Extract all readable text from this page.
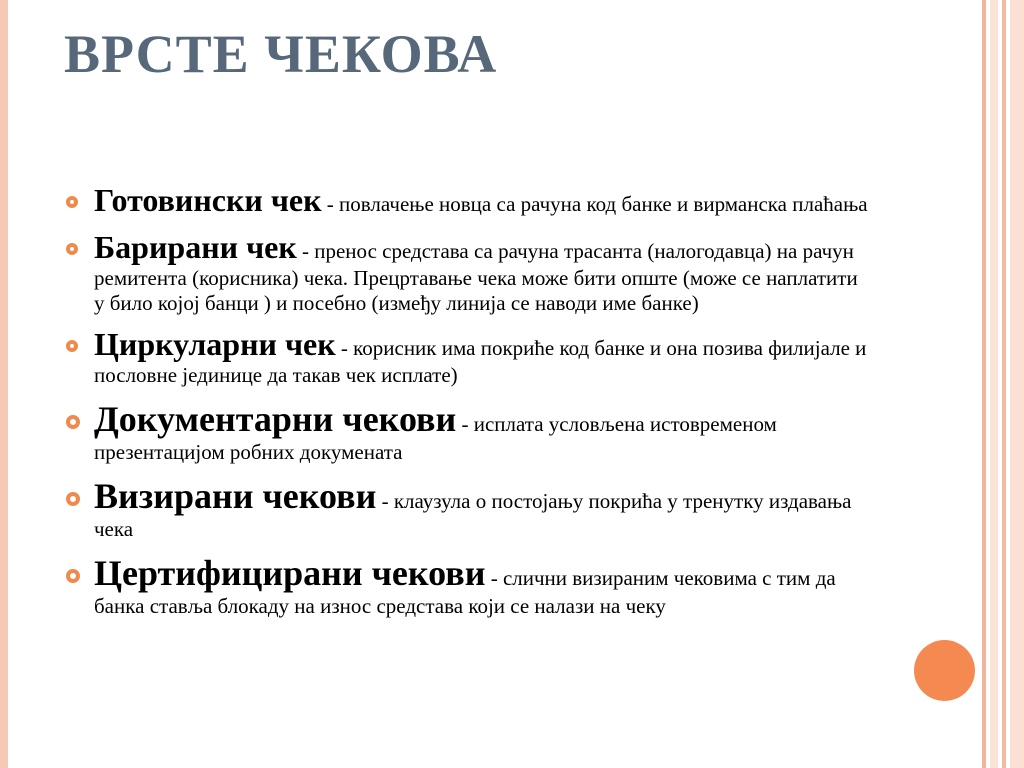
ВРСТЕ ЧЕКОВА
Готовински чек - повлачење новца са рачуна код банке и вирманска плаћања
Барирани чек - пренос средстава са рачуна трасанта (налогодавца) на рачун ремитента (корисника) чека. Прецртавање чека може бити опште (може се наплатити у било којој банци ) и посебно (између линија се наводи име банке)
Циркуларни чек - корисник има покриће код банке и она позива филијале и пословне јединице да такав чек исплате)
Документарни чекови - исплата условљена истовременом презентацијом робних докумената
Визирани чекови - клаузула о постојању покрића у тренутку издавања чека
Цертифицирани чекови - слични визираним чековима с тим да банка ставља блокаду на износ средстава који се налази на чеку
